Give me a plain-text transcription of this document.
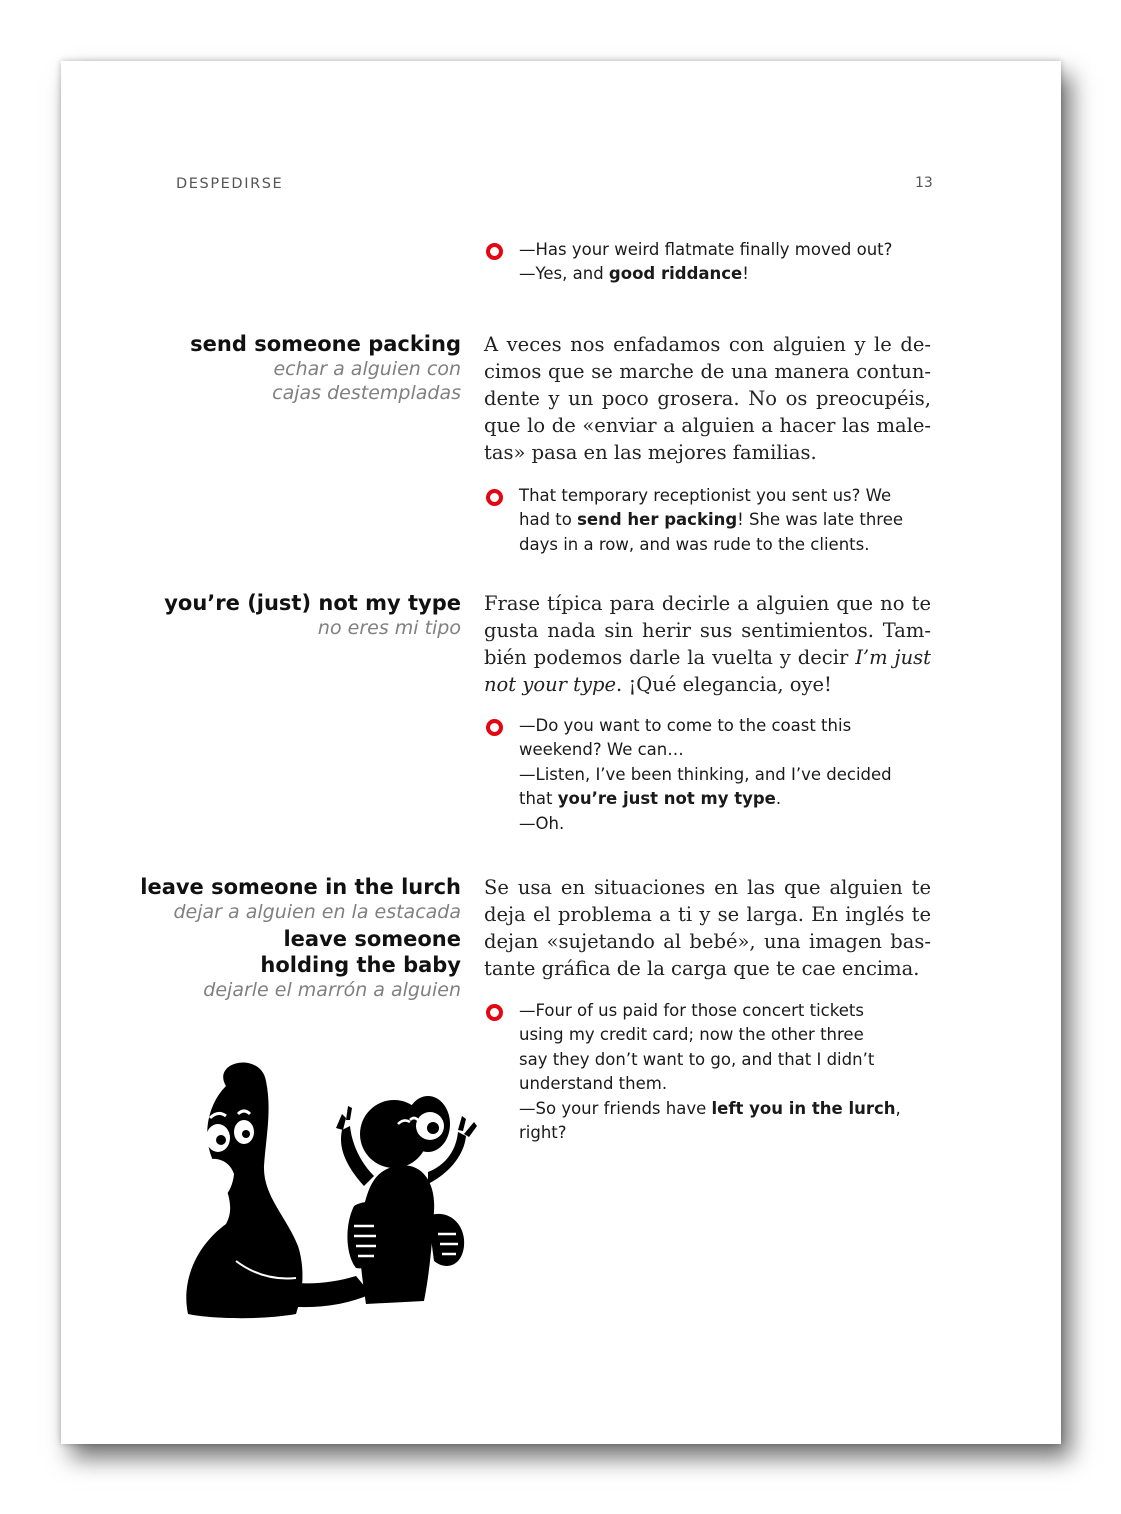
DESPEDIRSE	13
—Has your weird flatmate finally moved out?
—Yes, and good riddance!
send someone packing
echar a alguien con
cajas destempladas
A veces nos enfadamos con alguien y le de-
cimos que se marche de una manera contun-
dente y un poco grosera. No os preocupéis,
que lo de «enviar a alguien a hacer las male-
tas» pasa en las mejores familias.
That temporary receptionist you sent us? We
had to send her packing! She was late three
days in a row, and was rude to the clients.
you’re (just) not my type
no eres mi tipo
Frase típica para decirle a alguien que no te
gusta nada sin herir sus sentimientos. Tam-
bién podemos darle la vuelta y decir I’m just
not your type. ¡Qué elegancia, oye!
—Do you want to come to the coast this
weekend? We can…
—Listen, I’ve been thinking, and I’ve decided
that you’re just not my type.
—Oh.
leave someone in the lurch
dejar a alguien en la estacada
leave someone
holding the baby
dejarle el marrón a alguien
Se usa en situaciones en las que alguien te
deja el problema a ti y se larga. En inglés te
dejan «sujetando al bebé», una imagen bas-
tante gráfica de la carga que te cae encima.
—Four of us paid for those concert tickets
using my credit card; now the other three
say they don’t want to go, and that I didn’t
understand them.
—So your friends have left you in the lurch,
right?
